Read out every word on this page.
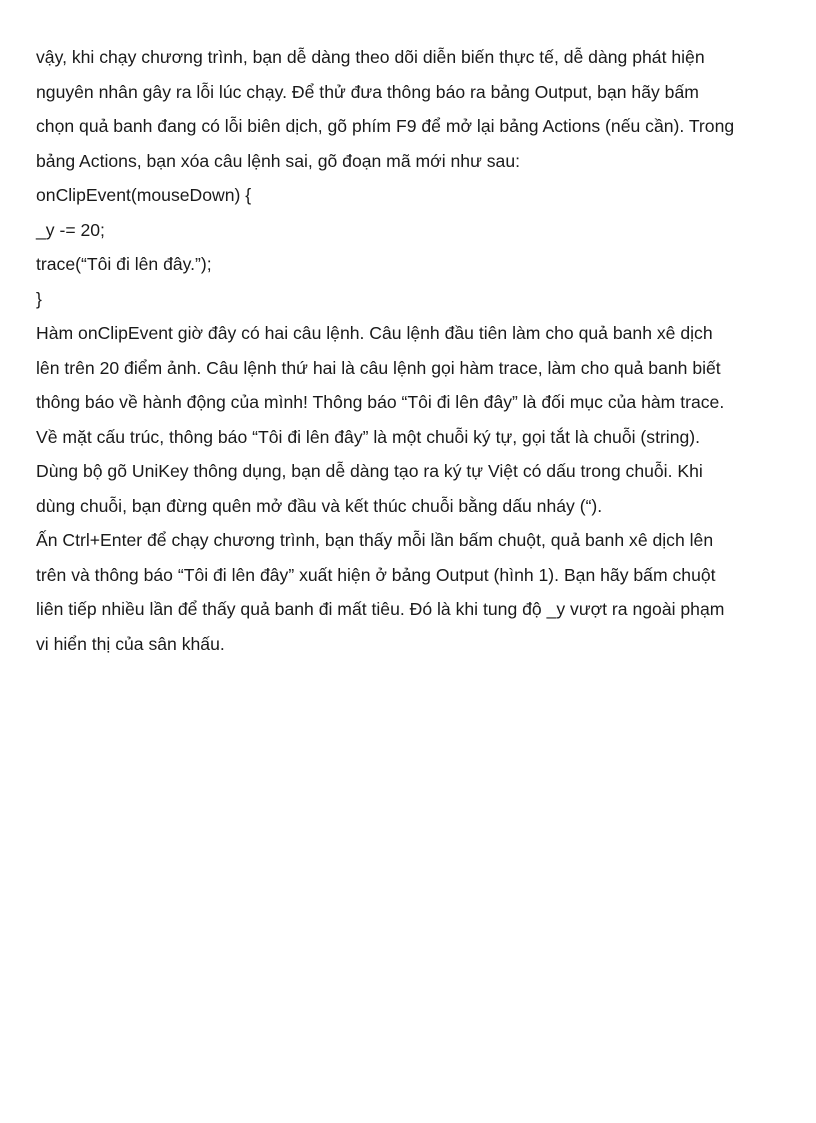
vậy, khi chạy chương trình, bạn dễ dàng theo dõi diễn biến thực tế, dễ dàng phát hiện
nguyên nhân gây ra lỗi lúc chạy. Để thử đưa thông báo ra bảng Output, bạn hãy bấm
chọn quả banh đang có lỗi biên dịch, gõ phím F9 để mở lại bảng Actions (nếu cần). Trong
bảng Actions, bạn xóa câu lệnh sai, gõ đoạn mã mới như sau:
onClipEvent(mouseDown) {
_y -= 20;
trace(“Tôi đi lên đây.”);
}
Hàm onClipEvent giờ đây có hai câu lệnh. Câu lệnh đầu tiên làm cho quả banh xê dịch
lên trên 20 điểm ảnh. Câu lệnh thứ hai là câu lệnh gọi hàm trace, làm cho quả banh biết
thông báo về hành động của mình! Thông báo “Tôi đi lên đây” là đối mục của hàm trace.
Về mặt cấu trúc, thông báo “Tôi đi lên đây” là một chuỗi ký tự, gọi tắt là chuỗi (string).
Dùng bộ gõ UniKey thông dụng, bạn dễ dàng tạo ra ký tự Việt có dấu trong chuỗi. Khi
dùng chuỗi, bạn đừng quên mở đầu và kết thúc chuỗi bằng dấu nháy (“).
Ấn Ctrl+Enter để chạy chương trình, bạn thấy mỗi lần bấm chuột, quả banh xê dịch lên
trên và thông báo “Tôi đi lên đây” xuất hiện ở bảng Output (hình 1). Bạn hãy bấm chuột
liên tiếp nhiều lần để thấy quả banh đi mất tiêu. Đó là khi tung độ _y vượt ra ngoài phạm
vi hiển thị của sân khấu.
